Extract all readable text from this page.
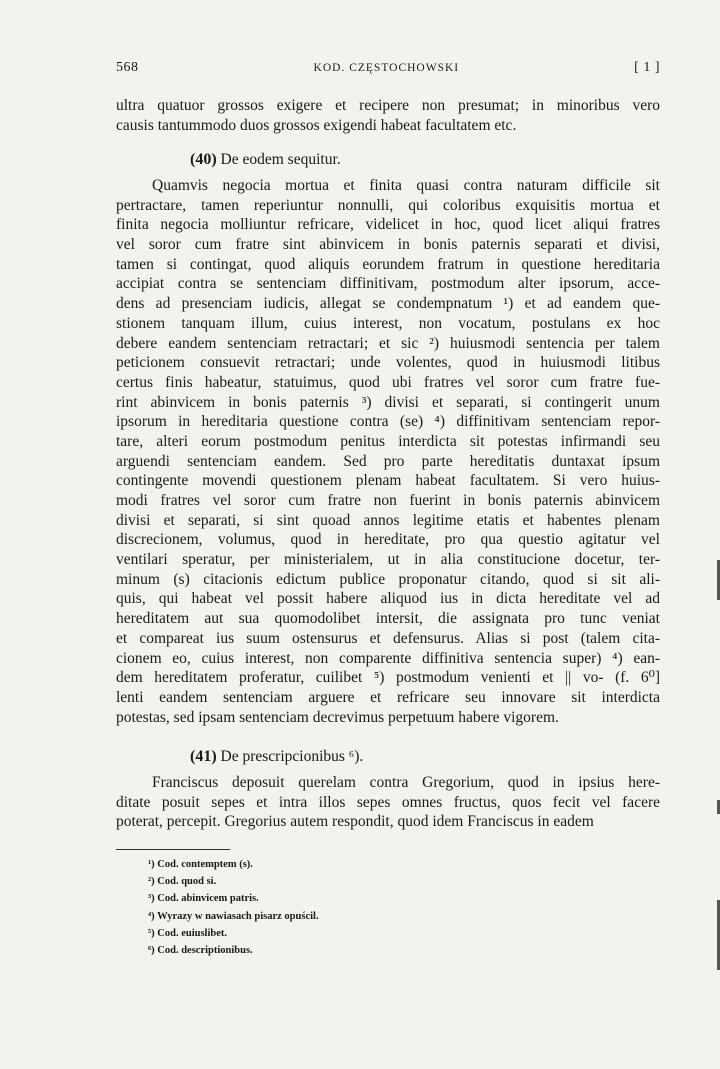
568	KOD. CZĘSTOCHOWSKI	[ 1 ]
ultra quatuor grossos exigere et recipere non presumat; in minoribus vero
causis tantummodo duos grossos exigendi habeat facultatem etc.
(40) De eodem sequitur.
Quamvis negocia mortua et finita quasi contra naturam difficile sit
pertractare, tamen reperiuntur nonnulli, qui coloribus exquisitis mortua et
finita negocia molliuntur refricare, videlicet in hoc, quod licet aliqui fratres
vel soror cum fratre sint abinvicem in bonis paternis separati et divisi,
tamen si contingat, quod aliquis eorundem fratrum in questione hereditaria
accipiat contra se sentenciam diffinitivam, postmodum alter ipsorum, acce-
dens ad presenciam iudicis, allegat se condempnatum ¹) et ad eandem que-
stionem tanquam illum, cuius interest, non vocatum, postulans ex hoc
debere eandem sentenciam retractari; et sic ²) huiusmodi sentencia per talem
peticionem consuevit retractari; unde volentes, quod in huiusmodi litibus
certus finis habeatur, statuimus, quod ubi fratres vel soror cum fratre fue-
rint abinvicem in bonis paternis ³) divisi et separati, si contingerit unum
ipsorum in hereditaria questione contra (se) ⁴) diffinitivam sentenciam repor-
tare, alteri eorum postmodum penitus interdicta sit potestas infirmandi seu
arguendi sentenciam eandem. Sed pro parte hereditatis duntaxat ipsum
contingente movendi questionem plenam habeat facultatem. Si vero huius-
modi fratres vel soror cum fratre non fuerint in bonis paternis abinvicem
divisi et separati, si sint quoad annos legitime etatis et habentes plenam
discrecionem, volumus, quod in hereditate, pro qua questio agitatur vel
ventilari speratur, per ministerialem, ut in alia constitucione docetur, ter-
minum (s) citacionis edictum publice proponatur citando, quod si sit ali-
quis, qui habeat vel possit habere aliquod ius in dicta hereditate vel ad
hereditatem aut sua quomodolibet intersit, die assignata pro tunc veniat
et compareat ius suum ostensurus et defensurus. Alias si post (talem cita-
cionem eo, cuius interest, non comparente diffinitiva sentencia super) ⁴) ean-
dem hereditatem proferatur, cuilibet ⁵) postmodum venienti et || vo- (f. 6⁰]
lenti eandem sentenciam arguere et refricare seu innovare sit interdicta
potestas, sed ipsam sentenciam decrevimus perpetuum habere vigorem.
(41) De prescripcionibus ⁶).
Franciscus deposuit querelam contra Gregorium, quod in ipsius here-
ditate posuit sepes et intra illos sepes omnes fructus, quos fecit vel facere
poterat, percepit. Gregorius autem respondit, quod idem Franciscus in eadem
¹) Cod. contemptem (s).
²) Cod. quod si.
³) Cod. abinvicem patris.
⁴) Wyrazy w nawiasach pisarz opuścil.
⁵) Cod. euiuslibet.
⁶) Cod. descriptionibus.
